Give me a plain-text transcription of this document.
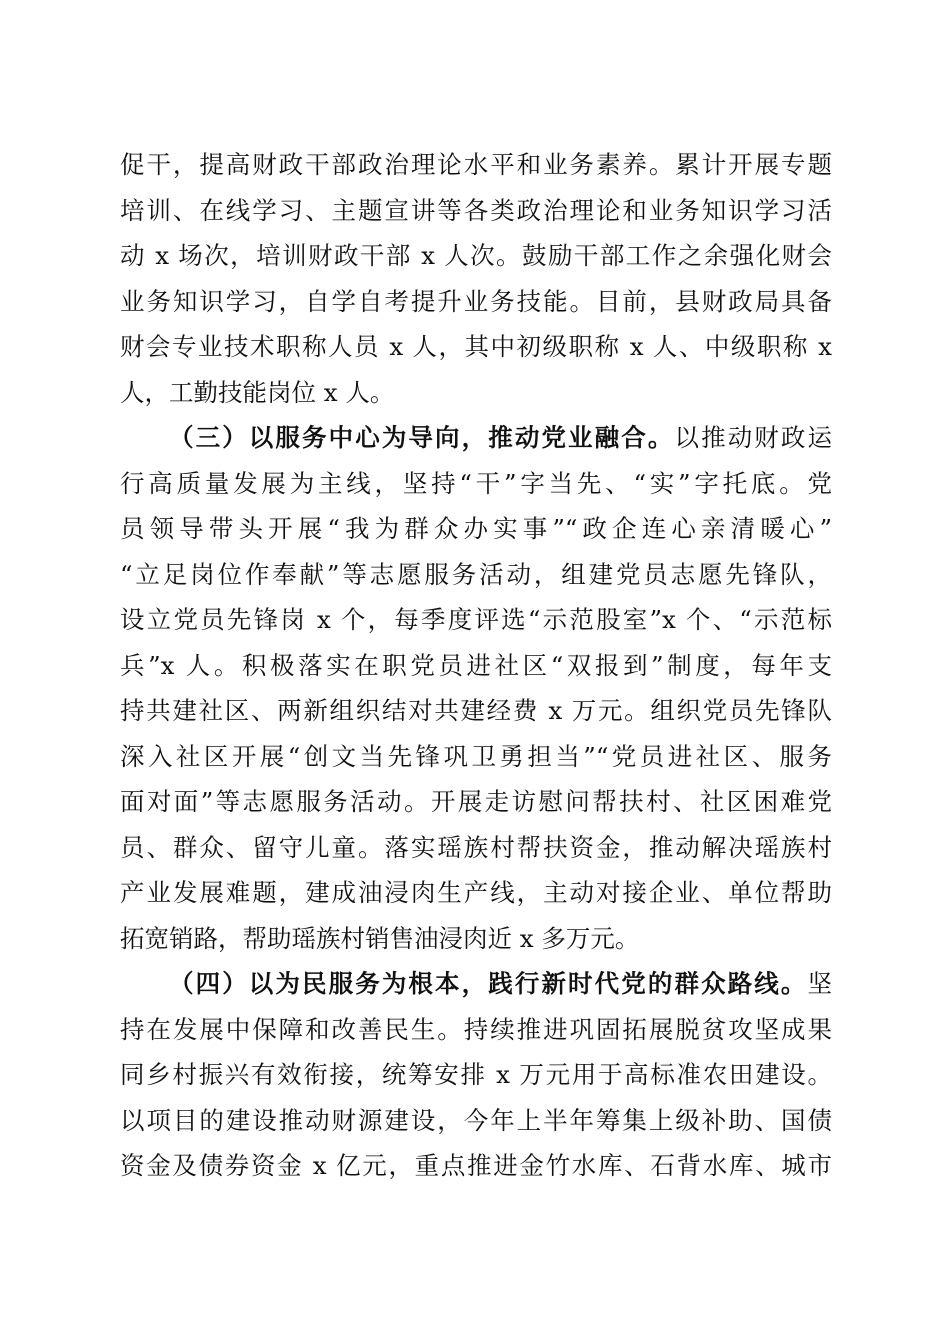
促干，提高财政干部政治理论水平和业务素养。累计开展专题
培训、在线学习、主题宣讲等各类政治理论和业务知识学习活
动 x 场次，培训财政干部 x 人次。鼓励干部工作之余强化财会
业务知识学习，自学自考提升业务技能。目前，县财政局具备
财会专业技术职称人员 x 人，其中初级职称 x 人、中级职称 x
人，工勤技能岗位 x 人。
（三）以服务中心为导向，推动党业融合。以推动财政运
行高质量发展为主线，坚持“干”字当先、“实”字托底。党
员领导带头开展“我为群众办实事”“政企连心亲清暖心”
“立足岗位作奉献”等志愿服务活动，组建党员志愿先锋队，
设立党员先锋岗 x 个，每季度评选“示范股室”x 个、“示范标
兵”x 人。积极落实在职党员进社区“双报到”制度，每年支
持共建社区、两新组织结对共建经费 x 万元。组织党员先锋队
深入社区开展“创文当先锋巩卫勇担当”“党员进社区、服务
面对面”等志愿服务活动。开展走访慰问帮扶村、社区困难党
员、群众、留守儿童。落实瑶族村帮扶资金，推动解决瑶族村
产业发展难题，建成油浸肉生产线，主动对接企业、单位帮助
拓宽销路，帮助瑶族村销售油浸肉近 x 多万元。
（四）以为民服务为根本，践行新时代党的群众路线。坚
持在发展中保障和改善民生。持续推进巩固拓展脱贫攻坚成果
同乡村振兴有效衔接，统筹安排 x 万元用于高标准农田建设。
以项目的建设推动财源建设，今年上半年筹集上级补助、国债
资金及债券资金 x 亿元，重点推进金竹水库、石背水库、城市
